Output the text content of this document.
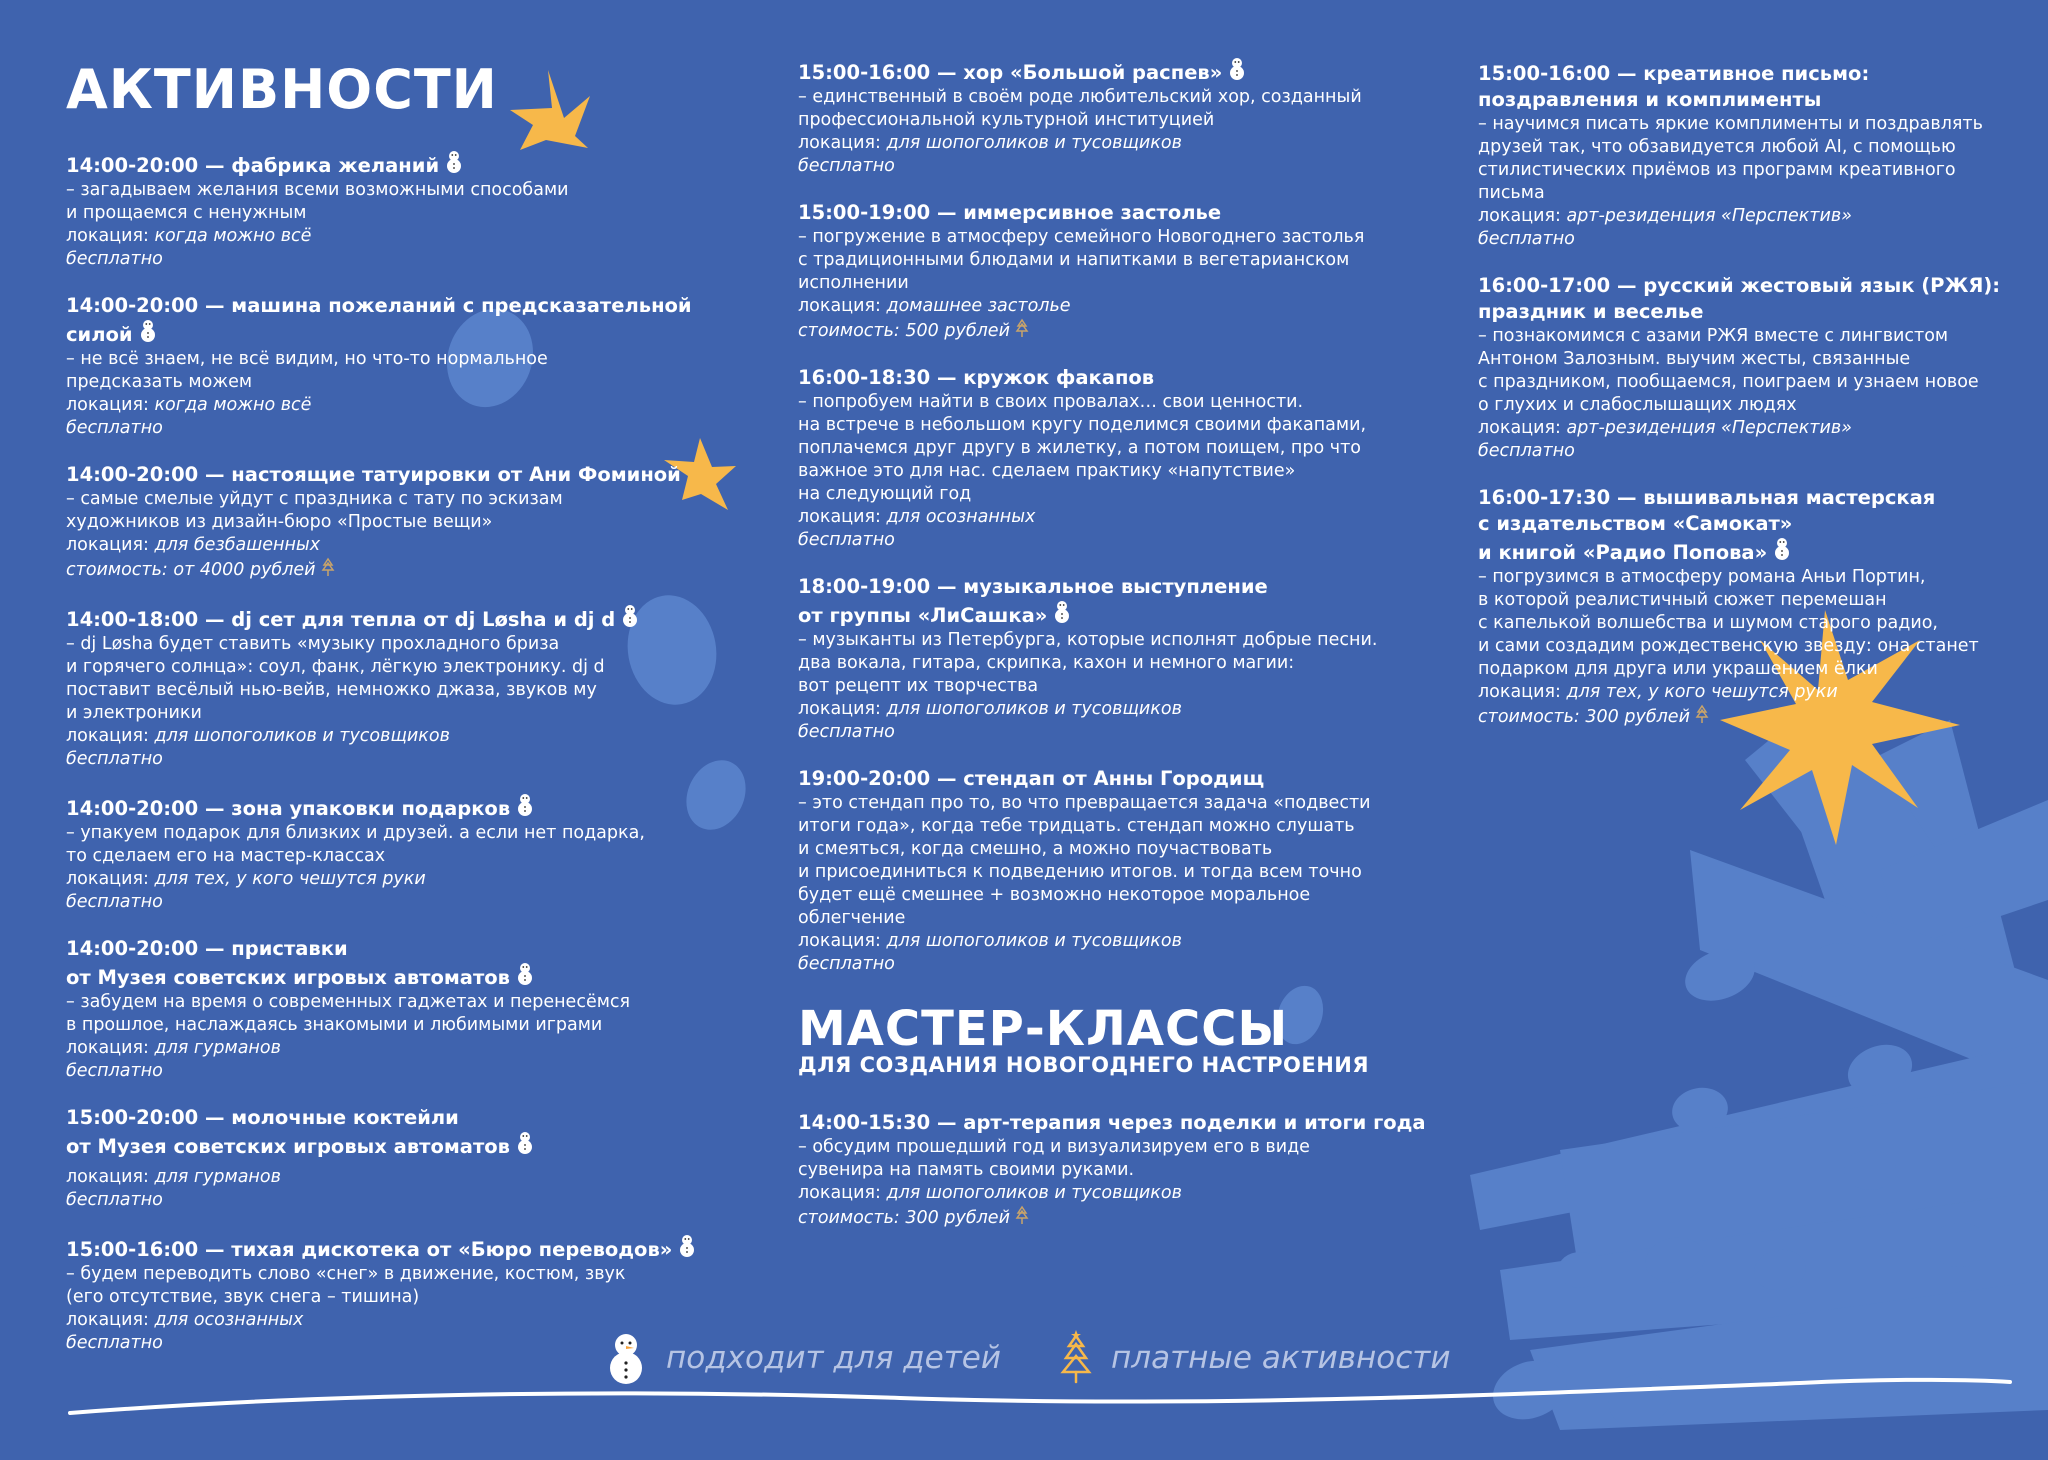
АКТИВНОСТИ
14:00-20:00 — фабрика желаний
– загадываем желания всеми возможными способами
и прощаемся с ненужным
локация: когда можно всё
бесплатно
14:00-20:00 — машина пожеланий с предсказательной силой
– не всё знаем, не всё видим, но что-то нормальное
предсказать можем
локация: когда можно всё
бесплатно
14:00-20:00 — настоящие татуировки от Ани Фоминой
– самые смелые уйдут с праздника с тату по эскизам
художников из дизайн-бюро «Простые вещи»
локация: для безбашенных
стоимость: от 4000 рублей
14:00-18:00 — dj сет для тепла от dj Løsha и dj d
– dj Løsha будет ставить «музыку прохладного бриза
и горячего солнца»: соул, фанк, лёгкую электронику. dj d
поставит весёлый нью-вейв, немножко джаза, звуков му
и электроники
локация: для шопоголиков и тусовщиков
бесплатно
14:00-20:00 — зона упаковки подарков
– упакуем подарок для близких и друзей. а если нет подарка,
то сделаем его на мастер-классах
локация: для тех, у кого чешутся руки
бесплатно
14:00-20:00 — приставки
от Музея советских игровых автоматов
– забудем на время о современных гаджетах и перенесёмся
в прошлое, наслаждаясь знакомыми и любимыми играми
локация: для гурманов
бесплатно
15:00-20:00 — молочные коктейли
от Музея советских игровых автоматов
локация: для гурманов
бесплатно
15:00-16:00 — тихая дискотека от «Бюро переводов»
– будем переводить слово «снег» в движение, костюм, звук
(его отсутствие, звук снега – тишина)
локация: для осознанных
бесплатно
15:00-16:00 — хор «Большой распев»
– единственный в своём роде любительский хор, созданный
профессиональной культурной институцией
локация: для шопоголиков и тусовщиков
бесплатно
15:00-19:00 — иммерсивное застолье
– погружение в атмосферу семейного Новогоднего застолья
с традиционными блюдами и напитками в вегетарианском
исполнении
локация: домашнее застолье
стоимость: 500 рублей
16:00-18:30 — кружок факапов
– попробуем найти в своих провалах… свои ценности.
на встрече в небольшом кругу поделимся своими факапами,
поплачемся друг другу в жилетку, а потом поищем, про что
важное это для нас. сделаем практику «напутствие»
на следующий год
локация: для осознанных
бесплатно
18:00-19:00 — музыкальное выступление
от группы «ЛиСашка»
– музыканты из Петербурга, которые исполнят добрые песни.
два вокала, гитара, скрипка, кахон и немного магии:
вот рецепт их творчества
локация: для шопоголиков и тусовщиков
бесплатно
19:00-20:00 — стендап от Анны Городищ
– это стендап про то, во что превращается задача «подвести
итоги года», когда тебе тридцать. стендап можно слушать
и смеяться, когда смешно, а можно поучаствовать
и присоединиться к подведению итогов. и тогда всем точно
будет ещё смешнее + возможно некоторое моральное
облегчение
локация: для шопоголиков и тусовщиков
бесплатно
МАСТЕР-КЛАССЫ
ДЛЯ СОЗДАНИЯ НОВОГОДНЕГО НАСТРОЕНИЯ
14:00-15:30 — арт-терапия через поделки и итоги года
– обсудим прошедший год и визуализируем его в виде
сувенира на память своими руками.
локация: для шопоголиков и тусовщиков
стоимость: 300 рублей
15:00-16:00 — креативное письмо:
поздравления и комплименты
– научимся писать яркие комплименты и поздравлять
друзей так, что обзавидуется любой AI, с помощью
стилистических приёмов из программ креативного
письма
локация: арт-резиденция «Перспектив»
бесплатно
16:00-17:00 — русский жестовый язык (РЖЯ):
праздник и веселье
– познакомимся с азами РЖЯ вместе с лингвистом
Антоном Залозным. выучим жесты, связанные
с праздником, пообщаемся, поиграем и узнаем новое
о глухих и слабослышащих людях
локация: арт-резиденция «Перспектив»
бесплатно
16:00-17:30 — вышивальная мастерская
с издательством «Самокат»
и книгой «Радио Попова»
– погрузимся в атмосферу романа Аньи Портин,
в которой реалистичный сюжет перемешан
с капелькой волшебства и шумом старого радио,
и сами создадим рождественскую звезду: она станет
подарком для друга или украшением ёлки
локация: для тех, у кого чешутся руки
стоимость: 300 рублей
подходит для детей	платные активности
